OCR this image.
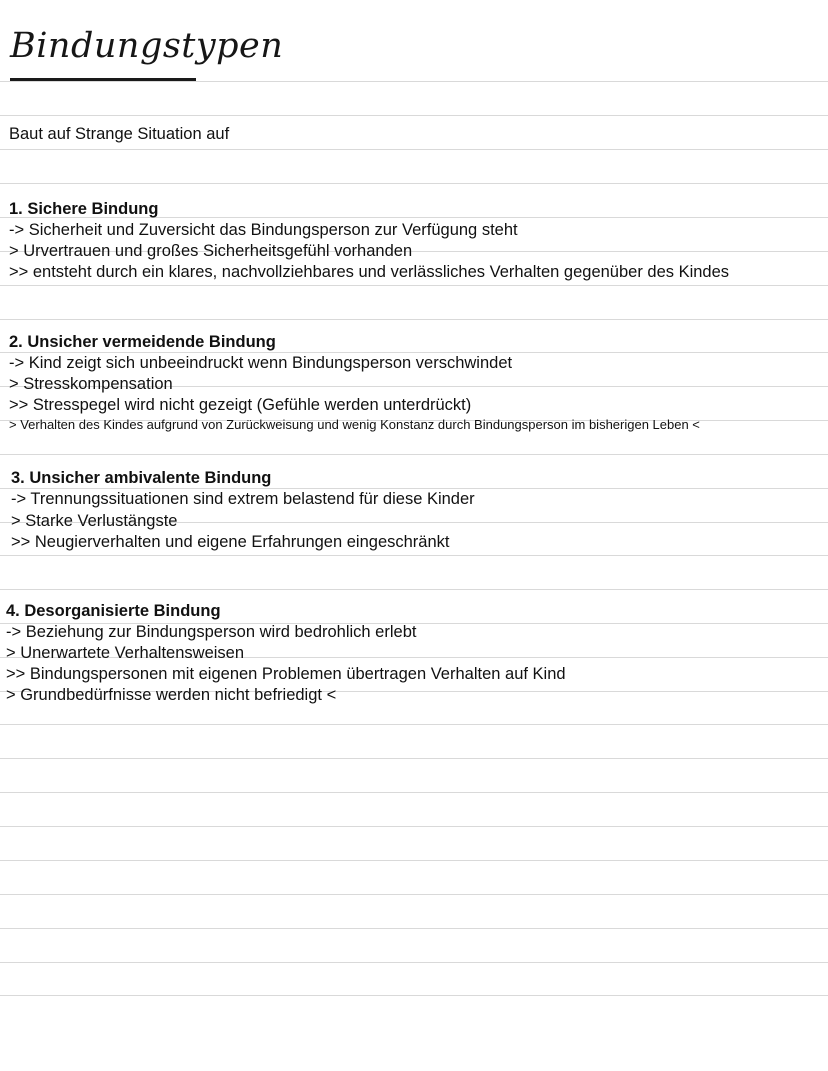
Bindungstypen
Baut auf Strange Situation auf
1. Sichere Bindung
-> Sicherheit und Zuversicht das Bindungsperson zur Verfügung steht
> Urvertrauen und großes Sicherheitsgefühl vorhanden
>> entsteht durch ein klares, nachvollziehbares und verlässliches Verhalten gegenüber des Kindes
2. Unsicher vermeidende Bindung
-> Kind zeigt sich unbeeindruckt wenn Bindungsperson verschwindet
> Stresskompensation
>> Stresspegel wird nicht gezeigt (Gefühle werden unterdrückt)
> Verhalten des Kindes aufgrund von Zurückweisung und wenig Konstanz durch Bindungsperson im bisherigen Leben <
3. Unsicher ambivalente Bindung
-> Trennungssituationen sind extrem belastend für diese Kinder
> Starke Verlustängste
>> Neugierverhalten und eigene Erfahrungen eingeschränkt
4. Desorganisierte Bindung
-> Beziehung zur Bindungsperson wird bedrohlich erlebt
> Unerwartete Verhaltensweisen
>> Bindungspersonen mit eigenen Problemen übertragen Verhalten auf Kind
> Grundbedürfnisse werden nicht befriedigt <
